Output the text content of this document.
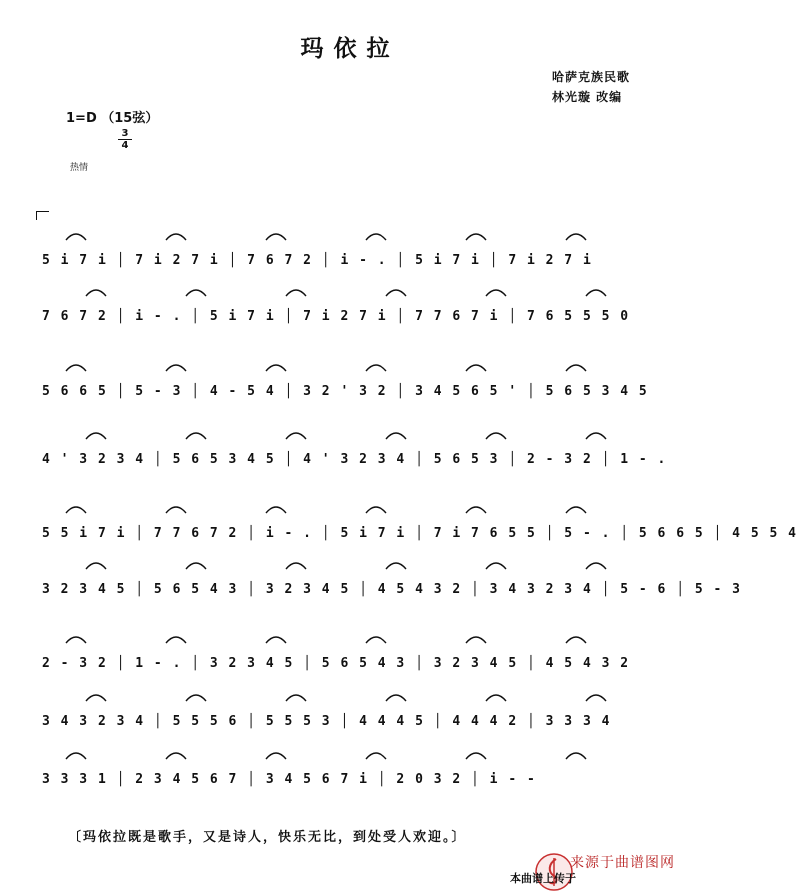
玛依拉
哈萨克族民歌
林光璇 改编
1=D （15弦）
3
4
热情
5 i 7 i │ 7 i 2 7 i │ 7 6 7 2 │ i - . │ 5 i 7 i │ 7 i 2 7 i
7 6 7 2 │ i - . │ 5 i 7 i │ 7 i 2 7 i │ 7 7 6 7 i │ 7 6 5 5 5 0
5 6 6 5 │ 5 - 3 │ 4 - 5 4 │ 3 2 ' 3 2 │ 3 4 5 6 5 ' │ 5 6 5 3 4 5
4 ' 3 2 3 4 │ 5 6 5 3 4 5 │ 4 ' 3 2 3 4 │ 5 6 5 3 │ 2 - 3 2 │ 1 - .
5 5 i 7 i │ 7 7 6 7 2 │ i - . │ 5 i 7 i │ 7 i 7 6 5 5 │ 5 - . │ 5 6 6 5 │ 4 5 5 4
3 2 3 4 5 │ 5 6 5 4 3 │ 3 2 3 4 5 │ 4 5 4 3 2 │ 3 4 3 2 3 4 │ 5 - 6 │ 5 - 3
2 - 3 2 │ 1 - . │ 3 2 3 4 5 │ 5 6 5 4 3 │ 3 2 3 4 5 │ 4 5 4 3 2
3 4 3 2 3 4 │ 5 5 5 6 │ 5 5 5 3 │ 4 4 4 5 │ 4 4 4 2 │ 3 3 3 4
3 3 3 1 │ 2 3 4 5 6 7 │ 3 4 5 6 7 i │ 2 0 3 2 │ i - -
〔玛依拉既是歌手，又是诗人，快乐无比，到处受人欢迎。〕
来源于曲谱图网
本曲谱上传于
